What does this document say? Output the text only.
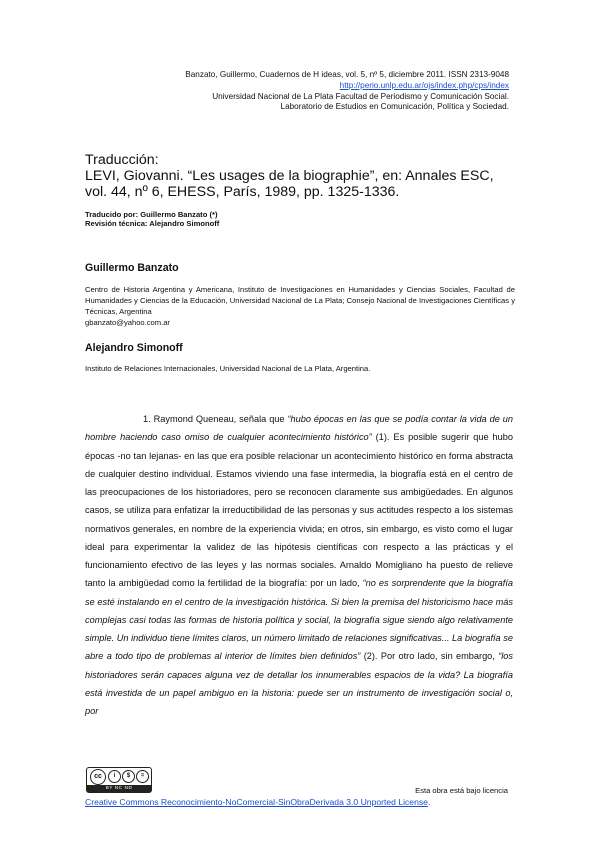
Banzato, Guillermo, Cuadernos de H ideas, vol. 5, nº 5, diciembre 2011. ISSN 2313-9048
http://perio.unlp.edu.ar/ojs/index.php/cps/index
Universidad Nacional de La Plata Facultad de Periodismo y Comunicación Social.
Laboratorio de Estudios en Comunicación, Política y Sociedad.
Traducción:
LEVI, Giovanni. “Les usages de la biographie”, en: Annales ESC,
vol. 44, nº 6, EHESS, París, 1989, pp. 1325-1336.
Traducido por: Guillermo Banzato (*)
Revisión técnica: Alejandro Simonoff
Guillermo Banzato
Centro de Historia Argentina y Americana, Instituto de Investigaciones en Humanidades y Ciencias Sociales, Facultad de Humanidades y Ciencias de la Educación, Universidad Nacional de La Plata; Consejo Nacional de Investigaciones Científicas y Técnicas, Argentina
gbanzato@yahoo.com.ar
Alejandro Simonoff
Instituto de Relaciones Internacionales, Universidad Nacional de La Plata, Argentina.

1. Raymond Queneau, señala que “hubo épocas en las que se podía contar la vida de un hombre haciendo caso omiso de cualquier acontecimiento histórico” (1). Es posible sugerir que hubo épocas -no tan lejanas- en las que era posible relacionar un acontecimiento histórico en forma abstracta de cualquier destino individual. Estamos viviendo una fase intermedia, la biografía está en el centro de las preocupaciones de los historiadores, pero se reconocen claramente sus ambigüedades. En algunos casos, se utiliza para enfatizar la irreductibilidad de las personas y sus actitudes respecto a los sistemas normativos generales, en nombre de la experiencia vivida; en otros, sin embargo, es visto como el lugar ideal para experimentar la validez de las hipótesis científicas con respecto a las prácticas y el funcionamiento efectivo de las leyes y las normas sociales. Arnaldo Momigliano ha puesto de relieve tanto la ambigüedad como la fertilidad de la biografía: por un lado, “no es sorprendente que la biografía se esté instalando en el centro de la investigación histórica. Si bien la premisa del historicismo hace más complejas casi todas las formas de historia política y social, la biografía sigue siendo algo relativamente simple. Un individuo tiene límites claros, un número limitado de relaciones significativas... La biografía se abre a todo tipo de problemas al interior de límites bien definidos” (2). Por otro lado, sin embargo, “los historiadores serán capaces alguna vez de detallar los innumerables espacios de la vida? La biografía está investida de un papel ambiguo en la historia: puede ser un instrumento de investigación social o, por

cc	i	$	=
BY NC ND	Esta obra está bajo licencia
Creative Commons Reconocimiento-NoComercial-SinObraDerivada 3.0 Unported License.
